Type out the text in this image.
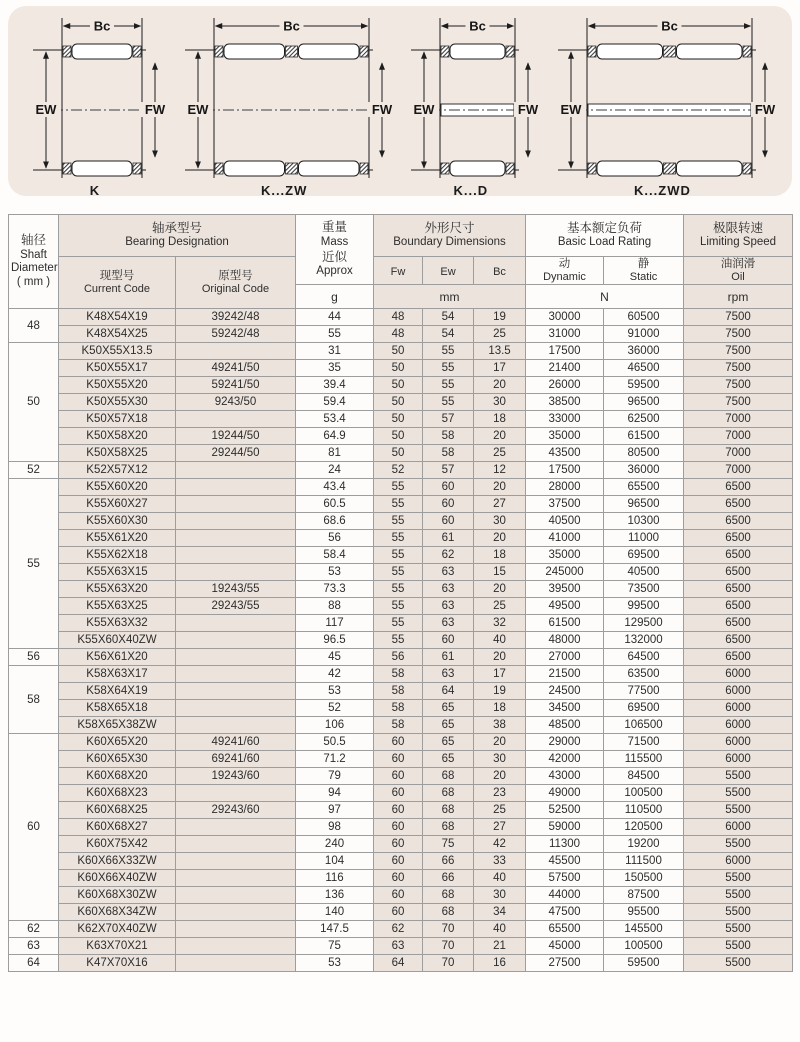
Bc
EW	FW
K
Bc
EW	FW
K...ZW
Bc
EW	FW
K...D
Bc
EW	FW
K...ZWD
轴径
Shaft
Diameter
( mm )

轴承型号
Bearing Designation

重量
Mass
近似
Approx

外形尺寸
Boundary Dimensions

基本额定负荷
Basic Load Rating

极限转速
Limiting Speed

现型号
Current Code

原型号
Original Code
	Fw	Ew	Bc	
动
Dynamic

静
Static

油润滑
Oil

			g	mm			N		rpm
48	K48X54X19	39242/48	44	48	54	19	30000	60500	7500
	K48X54X25	59242/48	55	48	54	25	31000	91000	7500
50	K50X55X13.5		31	50	55	13.5	17500	36000	7500
	K50X55X17	49241/50	35	50	55	17	21400	46500	7500
	K50X55X20	59241/50	39.4	50	55	20	26000	59500	7500
	K50X55X30	9243/50	59.4	50	55	30	38500	96500	7500
	K50X57X18		53.4	50	57	18	33000	62500	7000
	K50X58X20	19244/50	64.9	50	58	20	35000	61500	7000
	K50X58X25	29244/50	81	50	58	25	43500	80500	7000
52	K52X57X12		24	52	57	12	17500	36000	7000
55	K55X60X20		43.4	55	60	20	28000	65500	6500
	K55X60X27		60.5	55	60	27	37500	96500	6500
	K55X60X30		68.6	55	60	30	40500	10300	6500
	K55X61X20		56	55	61	20	41000	11000	6500
	K55X62X18		58.4	55	62	18	35000	69500	6500
	K55X63X15		53	55	63	15	245000	40500	6500
	K55X63X20	19243/55	73.3	55	63	20	39500	73500	6500
	K55X63X25	29243/55	88	55	63	25	49500	99500	6500
	K55X63X32		117	55	63	32	61500	129500	6500
	K55X60X40ZW		96.5	55	60	40	48000	132000	6500
56	K56X61X20		45	56	61	20	27000	64500	6500
58	K58X63X17		42	58	63	17	21500	63500	6000
	K58X64X19		53	58	64	19	24500	77500	6000
	K58X65X18		52	58	65	18	34500	69500	6000
	K58X65X38ZW		106	58	65	38	48500	106500	6000
60	K60X65X20	49241/60	50.5	60	65	20	29000	71500	6000
	K60X65X30	69241/60	71.2	60	65	30	42000	115500	6000
	K60X68X20	19243/60	79	60	68	20	43000	84500	5500
	K60X68X23		94	60	68	23	49000	100500	5500
	K60X68X25	29243/60	97	60	68	25	52500	110500	5500
	K60X68X27		98	60	68	27	59000	120500	6000
	K60X75X42		240	60	75	42	11300	19200	5500
	K60X66X33ZW		104	60	66	33	45500	111500	6000
	K60X66X40ZW		116	60	66	40	57500	150500	5500
	K60X68X30ZW		136	60	68	30	44000	87500	5500
	K60X68X34ZW		140	60	68	34	47500	95500	5500
62	K62X70X40ZW		147.5	62	70	40	65500	145500	5500
63	K63X70X21		75	63	70	21	45000	100500	5500
64	K47X70X16		53	64	70	16	27500	59500	5500
